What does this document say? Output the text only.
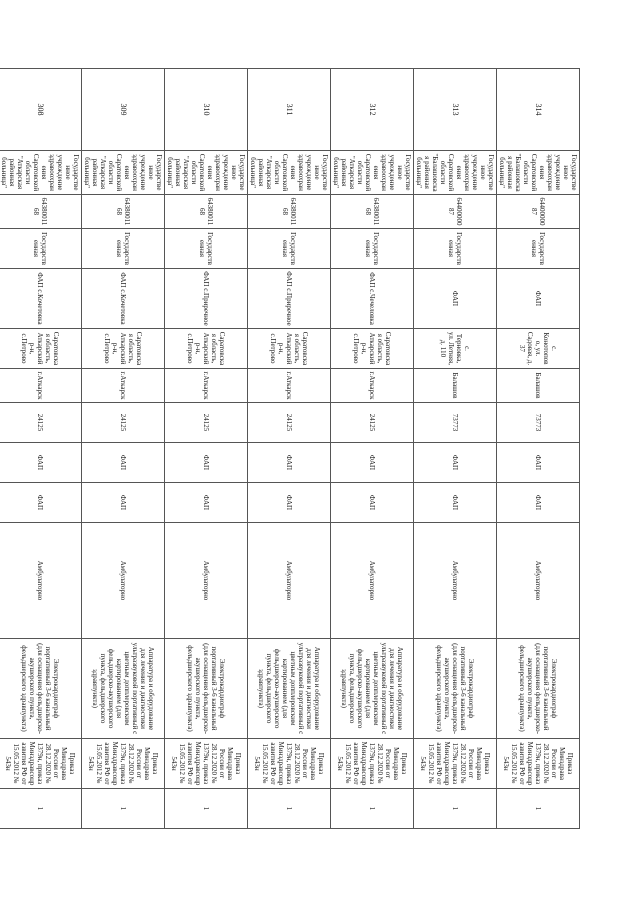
314	Государственное учреждение здравоохранения Саратовской области "Балашовская районная больница"	6440000087	Государственная	ФАП	с. Конотопово, ул. Садовая, д. 37	Балашов	73773	ФАП	ФАП	Амбулаторно	Электрокардиограф портативный 3-6 канальный (для оснащения фельдшерско-акушерского пункта, фельдшерского здравпункта)	Приказ Минздрава России от 28.12.2020 № 1379н, приказ Минздравсоцразвития РФ от 15.05.2012 № 543н	1	
313	Государственное учреждение здравоохранения Саратовской области "Балашовская районная больница"	6440000087	Государственная	ФАП	с. Терновка, ул. Летняя, д. 110	Балашов	73773	ФАП	ФАП	Амбулаторно	Электрокардиограф портативный 3-6 канальный (для оснащения фельдшерско-акушерского пункта, фельдшерского здравпункта)	Приказ Минздрава России от 28.12.2020 № 1379н, приказ Минздравсоцразвития РФ от 15.05.2012 № 543н	1	
312	Государственное учреждение здравоохранения Саратовской области "Аткарская районная больница"	6438001168	Государственная	ФАП с.Чечеловка	Саратовская область, Аткарский р-н, с.Петрово	г.Аткарск	24125	ФАП	ФАП	Амбулаторно	Аппаратура и оборудование для лечения и диагностики ультразвуковой портативный с цветным допплеровским картированием (для фельдшерско-акушерского пункта, фельдшерского здравпункта)	Приказ Минздрава России от 28.12.2020 № 1379н, приказ Минздравсоцразвития РФ от 15.05.2012 № 543н	1	
311	Государственное учреждение здравоохранения Саратовской области "Аткарская районная больница"	6438001168	Государственная	ФАП с.Приречное	Саратовская область, Аткарский р-н, с.Петрово	г.Аткарск	24125	ФАП	ФАП	Амбулаторно	Аппаратура и оборудование для лечения и диагностики ультразвуковой портативный с цветным допплеровским картированием (для фельдшерско-акушерского пункта, фельдшерского здравпункта)	Приказ Минздрава России от 28.12.2020 № 1379н, приказ Минздравсоцразвития РФ от 15.05.2012 № 543н	1	
310	Государственное учреждение здравоохранения Саратовской области "Аткарская районная больница"	6438001168	Государственная	ФАП с.Приречное	Саратовская область, Аткарский р-н, с.Петрово	г.Аткарск	24125	ФАП	ФАП	Амбулаторно	Электрокардиограф портативный 3-6 канальный (для оснащения фельдшерско-акушерского пункта, фельдшерского здравпункта)	Приказ Минздрава России от 28.12.2020 № 1379н, приказ Минздравсоцразвития РФ от 15.05.2012 № 543н	1	
309	Государственное учреждение здравоохранения Саратовской области "Аткарская районная больница"	6438001168	Государственная	ФАП с.Кочетовка	Саратовская область, Аткарский р-н, с.Петрово	г.Аткарск	24125	ФАП	ФАП	Амбулаторно	Аппаратура и оборудование для лечения и диагностики ультразвуковой портативный с цветным допплеровским картированием (для фельдшерско-акушерского пункта, фельдшерского здравпункта)	Приказ Минздрава России от 28.12.2020 № 1379н, приказ Минздравсоцразвития РФ от 15.05.2012 № 543н	1	
308	Государственное учреждение здравоохранения Саратовской области "Аткарская районная больница"	6438001168	Государственная	ФАП с.Кочетовка	Саратовская область, Аткарский р-н, с.Петрово	г.Аткарск	24125	ФАП	ФАП	Амбулаторно	Электрокардиограф портативный 3-6 канальный (для оснащения фельдшерско-акушерского пункта, фельдшерского здравпункта)	Приказ Минздрава России от 28.12.2020 № 1379н, приказ Минздравсоцразвития РФ от 15.05.2012 № 543н	1	
